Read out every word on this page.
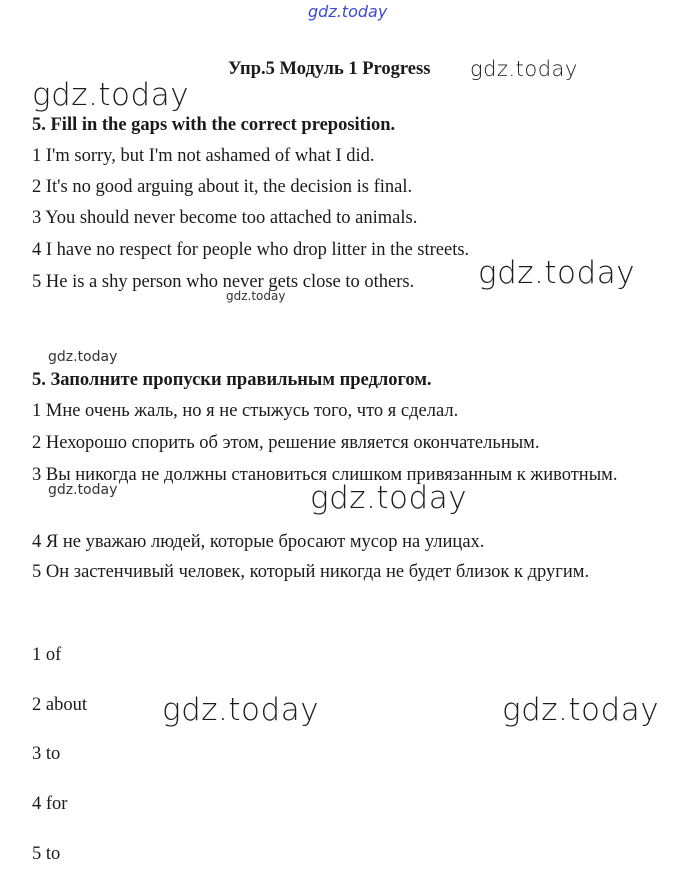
gdz.today
Упр.5 Модуль 1 Progress gdz.today
gdz.today
5. Fill in the gaps with the correct preposition.
1 I'm sorry, but I'm not ashamed of what I did.
2 It's no good arguing about it, the decision is final.
3 You should never become too attached to animals.
4 I have no respect for people who drop litter in the streets.
5 He is a shy person who never gets close to others. gdz.today
gdz.today
gdz.today
5. Заполните пропуски правильным предлогом.
1 Мне очень жаль, но я не стыжусь того, что я сделал.
2 Нехорошо спорить об этом, решение является окончательным.
3 Вы никогда не должны становиться слишком привязанным к животным.
gdz.today	gdz.today
4 Я не уважаю людей, которые бросают мусор на улицах.
5 Он застенчивый человек, который никогда не будет близок к другим.
1 of
2 about gdz.today	gdz.today
3 to
4 for
5 to
